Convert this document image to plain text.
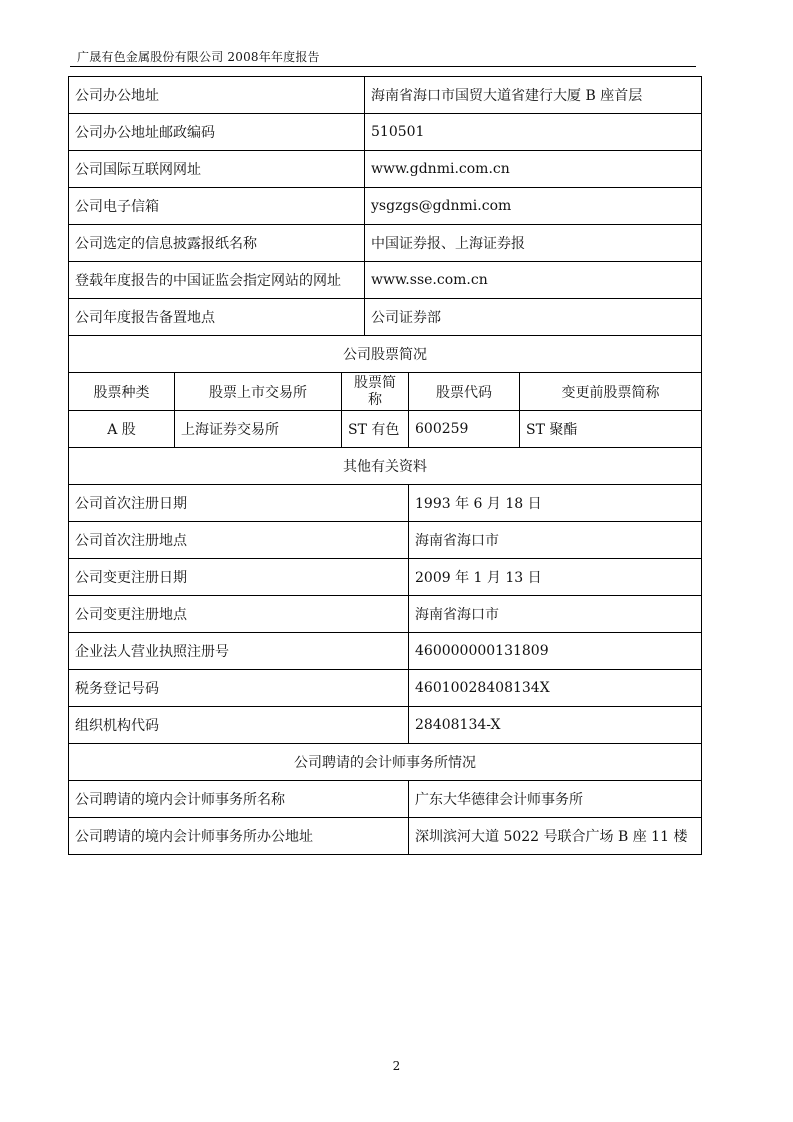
广晟有色金属股份有限公司 2008年年度报告
公司办公地址			海南省海口市国贸大道省建行大厦 B 座首层		
公司办公地址邮政编码			510501		
公司国际互联网网址			www.gdnmi.com.cn		
公司电子信箱			ysgzgs@gdnmi.com		
公司选定的信息披露报纸名称			中国证券报、上海证券报		
登载年度报告的中国证监会指定网站的网址			www.sse.com.cn		
公司年度报告备置地点			公司证券部		
公司股票简况					
股票种类	股票上市交易所	股票简称		股票代码	变更前股票简称
A 股	上海证券交易所	ST 有色		600259	ST 聚酯
其他有关资料					
公司首次注册日期				1993 年 6 月 18 日	
公司首次注册地点				海南省海口市	
公司变更注册日期				2009 年 1 月 13 日	
公司变更注册地点				海南省海口市	
企业法人营业执照注册号				460000000131809	
税务登记号码				46010028408134X	
组织机构代码				28408134-X	
公司聘请的会计师事务所情况					
公司聘请的境内会计师事务所名称				广东大华德律会计师事务所	
公司聘请的境内会计师事务所办公地址				深圳滨河大道 5022 号联合广场 B 座 11 楼	
2
